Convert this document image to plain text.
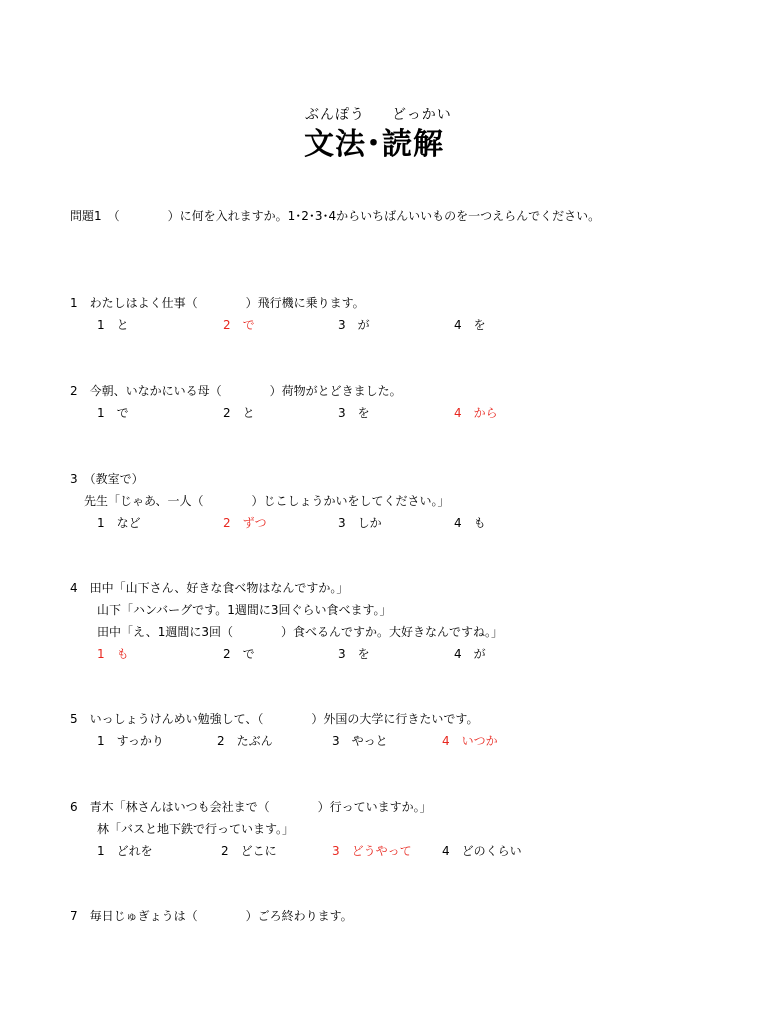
ぶんぽう どっかい
文法･読解
問題1　（　　　　）に何を入れますか。1･2･3･4からいちばんいいものを一つえらんでください。
1　わたしはよく仕事（　　　　）飛行機に乗ります。
1　と	2　で	3　が	4　を
2　今朝、いなかにいる母（　　　　）荷物がとどきました。
1　で	2　と	3　を	4　から
3　（教室で）
先生「じゃあ、一人（　　　　）じこしょうかいをしてください。」
1　など	2　ずつ	3　しか	4　も
4　田中「山下さん、好きな食べ物はなんですか。」
山下「ハンバーグです。1週間に3回ぐらい食べます。」
田中「え、1週間に3回（　　　　）食べるんですか。大好きなんですね。」
1　も	2　で	3　を	4　が
5　いっしょうけんめい勉強して、（　　　　）外国の大学に行きたいです。
1　すっかり	2　たぶん	3　やっと	4　いつか
6　青木「林さんはいつも会社まで（　　　　）行っていますか。」
林「バスと地下鉄で行っています。」
1　どれを	2　どこに	3　どうやって	4　どのくらい
7　毎日じゅぎょうは（　　　　）ごろ終わります。
